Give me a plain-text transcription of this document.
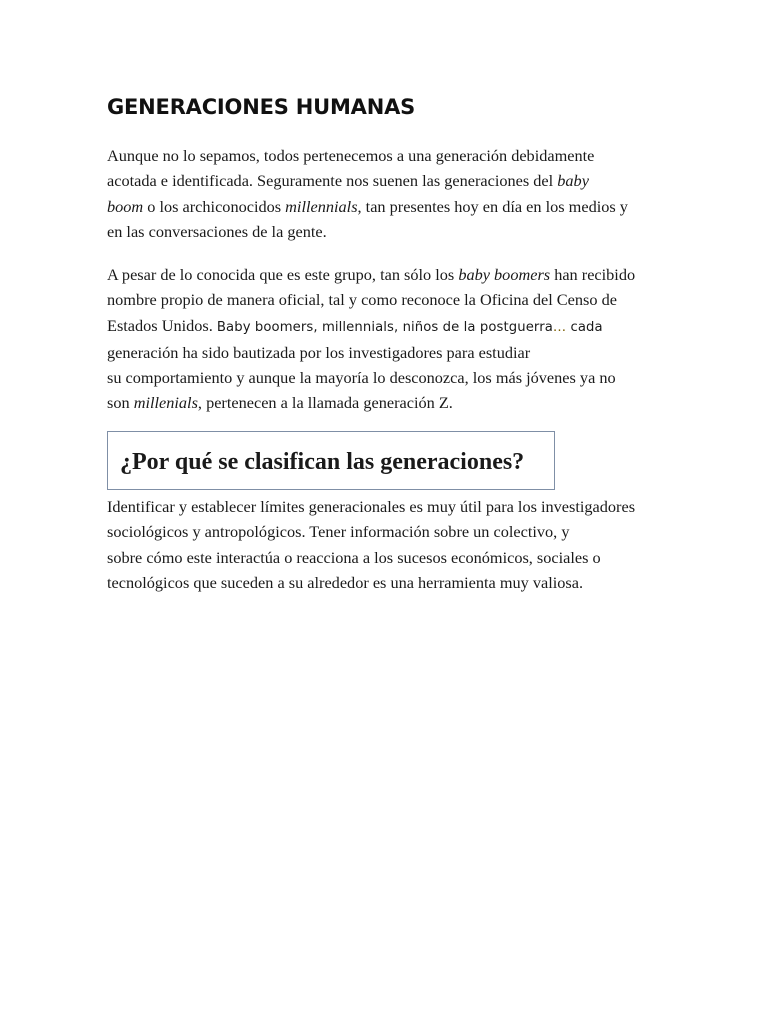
GENERACIONES HUMANAS

Aunque no lo sepamos, todos pertenecemos a una generación debidamente
acotada e identificada. Seguramente nos suenen las generaciones del baby
boom o los archiconocidos millennials, tan presentes hoy en día en los medios y
en las conversaciones de la gente.

A pesar de lo conocida que es este grupo, tan sólo los baby boomers han recibido
nombre propio de manera oficial, tal y como reconoce la Oficina del Censo de
Estados Unidos. Baby boomers, millennials, niños de la postguerra… cada
generación ha sido bautizada por los investigadores para estudiar
su comportamiento y aunque la mayoría lo desconozca, los más jóvenes ya no
son millenials, pertenecen a la llamada generación Z.

¿Por qué se clasifican las generaciones?

Identificar y establecer límites generacionales es muy útil para los investigadores
sociológicos y antropológicos. Tener información sobre un colectivo, y
sobre cómo este interactúa o reacciona a los sucesos económicos, sociales o
tecnológicos que suceden a su alrededor es una herramienta muy valiosa.
